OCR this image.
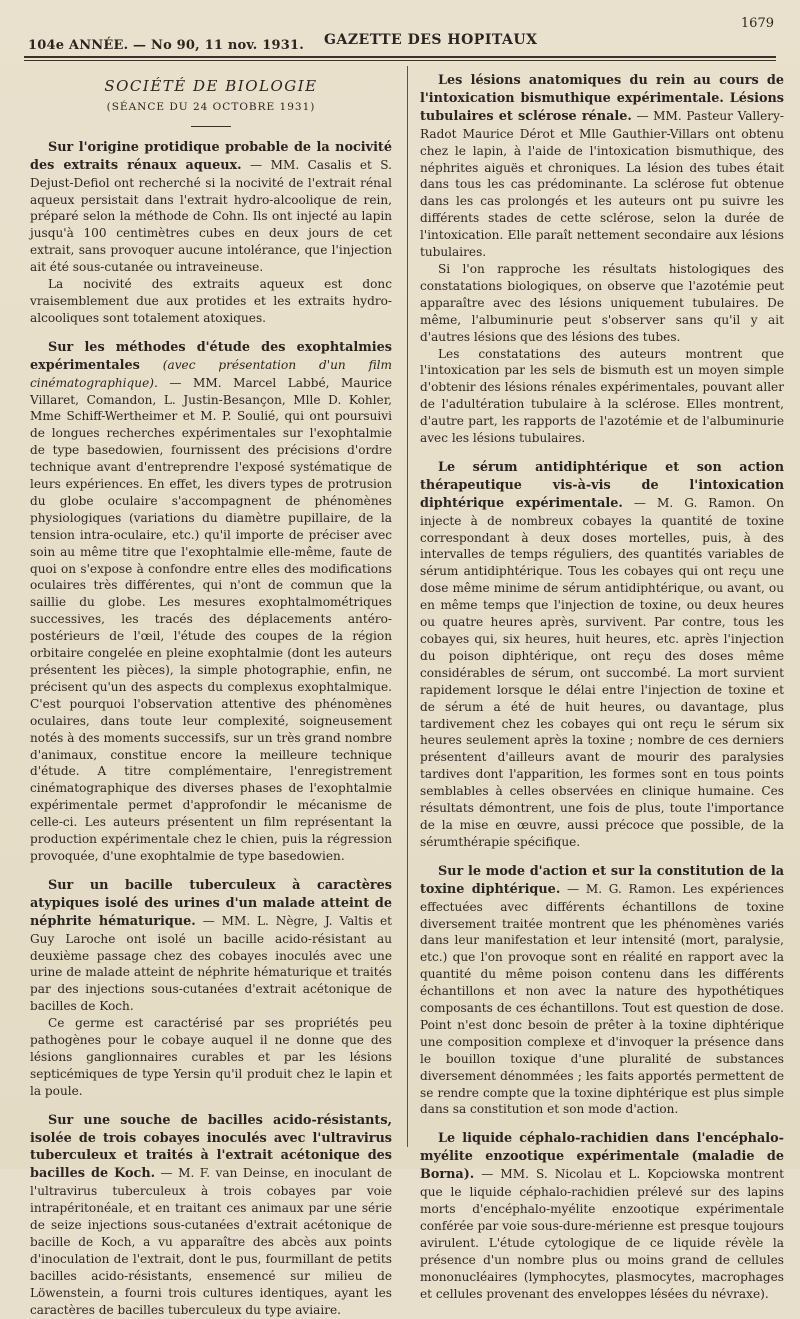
104e ANNÉE. — No 90, 11 nov. 1931. GAZETTE DES HOPITAUX
1679
SOCIÉTÉ DE BIOLOGIE
(SÉANCE DU 24 OCTOBRE 1931)

Sur l'origine protidique probable de la nocivité des extraits rénaux aqueux. — MM. Casalis et S. Dejust-Defiol ont recherché si la nocivité de l'extrait rénal aqueux persistait dans l'extrait hydro-alcoolique de rein, préparé selon la méthode de Cohn. Ils ont injecté au lapin jusqu'à 100 centimètres cubes en deux jours de cet extrait, sans provoquer aucune intolérance, que l'injection ait été sous-cutanée ou intraveineuse.

La nocivité des extraits aqueux est donc vraisemblement due aux protides et les extraits hydro-alcooliques sont totalement atoxiques.

Sur les méthodes d'étude des exophtalmies expérimentales (avec présentation d'un film cinématographique). — MM. Marcel Labbé, Maurice Villaret, Comandon, L. Justin-Besançon, Mlle D. Kohler, Mme Schiff-Wertheimer et M. P. Soulié, qui ont poursuivi de longues recherches expérimentales sur l'exophtalmie de type basedowien, fournissent des précisions d'ordre technique avant d'entreprendre l'exposé systématique de leurs expériences. En effet, les divers types de protrusion du globe oculaire s'accompagnent de phénomènes physiologiques (variations du diamètre pupillaire, de la tension intra-oculaire, etc.) qu'il importe de préciser avec soin au même titre que l'exophtalmie elle-même, faute de quoi on s'expose à confondre entre elles des modifications oculaires très différentes, qui n'ont de commun que la saillie du globe. Les mesures exophtalmométriques successives, les tracés des déplacements antéro-postérieurs de l'œil, l'étude des coupes de la région orbitaire congelée en pleine exophtalmie (dont les auteurs présentent les pièces), la simple photographie, enfin, ne précisent qu'un des aspects du complexus exophtalmique. C'est pourquoi l'observation attentive des phénomènes oculaires, dans toute leur complexité, soigneusement notés à des moments successifs, sur un très grand nombre d'animaux, constitue encore la meilleure technique d'étude. A titre complémentaire, l'enregistrement cinématographique des diverses phases de l'exophtalmie expérimentale permet d'approfondir le mécanisme de celle-ci. Les auteurs présentent un film représentant la production expérimentale chez le chien, puis la régression provoquée, d'une exophtalmie de type basedowien.

Sur un bacille tuberculeux à caractères atypiques isolé des urines d'un malade atteint de néphrite hématurique. — MM. L. Nègre, J. Valtis et Guy Laroche ont isolé un bacille acido-résistant au deuxième passage chez des cobayes inoculés avec une urine de malade atteint de néphrite hématurique et traités par des injections sous-cutanées d'extrait acétonique de bacilles de Koch.

Ce germe est caractérisé par ses propriétés peu pathogènes pour le cobaye auquel il ne donne que des lésions ganglionnaires curables et par les lésions septicémiques de type Yersin qu'il produit chez le lapin et la poule.

Sur une souche de bacilles acido-résistants, isolée de trois cobayes inoculés avec l'ultravirus tuberculeux et traités à l'extrait acétonique des bacilles de Koch. — M. F. van Deinse, en inoculant de l'ultravirus tuberculeux à trois cobayes par voie intrapéritonéale, et en traitant ces animaux par une série de seize injections sous-cutanées d'extrait acétonique de bacille de Koch, a vu apparaître des abcès aux points d'inoculation de l'extrait, dont le pus, fourmillant de petits bacilles acido-résistants, ensemencé sur milieu de Löwenstein, a fourni trois cultures identiques, ayant les caractères de bacilles tuberculeux du type aviaire.

Les lésions anatomiques du rein au cours de l'intoxication bismuthique expérimentale. Lésions tubulaires et sclérose rénale. — MM. Pasteur Vallery-Radot Maurice Dérot et Mlle Gauthier-Villars ont obtenu chez le lapin, à l'aide de l'intoxication bismuthique, des néphrites aiguës et chroniques. La lésion des tubes était dans tous les cas prédominante. La sclérose fut obtenue dans les cas prolongés et les auteurs ont pu suivre les différents stades de cette sclérose, selon la durée de l'intoxication. Elle paraît nettement secondaire aux lésions tubulaires.

Si l'on rapproche les résultats histologiques des constatations biologiques, on observe que l'azotémie peut apparaître avec des lésions uniquement tubulaires. De même, l'albuminurie peut s'observer sans qu'il y ait d'autres lésions que des lésions des tubes.

Les constatations des auteurs montrent que l'intoxication par les sels de bismuth est un moyen simple d'obtenir des lésions rénales expérimentales, pouvant aller de l'adultération tubulaire à la sclérose. Elles montrent, d'autre part, les rapports de l'azotémie et de l'albuminurie avec les lésions tubulaires.

Le sérum antidiphtérique et son action thérapeutique vis-à-vis de l'intoxication diphtérique expérimentale. — M. G. Ramon. On injecte à de nombreux cobayes la quantité de toxine correspondant à deux doses mortelles, puis, à des intervalles de temps réguliers, des quantités variables de sérum antidiphtérique. Tous les cobayes qui ont reçu une dose même minime de sérum antidiphtérique, ou avant, ou en même temps que l'injection de toxine, ou deux heures ou quatre heures après, survivent. Par contre, tous les cobayes qui, six heures, huit heures, etc. après l'injection du poison diphtérique, ont reçu des doses même considérables de sérum, ont succombé. La mort survient rapidement lorsque le délai entre l'injection de toxine et de sérum a été de huit heures, ou davantage, plus tardivement chez les cobayes qui ont reçu le sérum six heures seulement après la toxine ; nombre de ces derniers présentent d'ailleurs avant de mourir des paralysies tardives dont l'apparition, les formes sont en tous points semblables à celles observées en clinique humaine. Ces résultats démontrent, une fois de plus, toute l'importance de la mise en œuvre, aussi précoce que possible, de la sérumthérapie spécifique.

Sur le mode d'action et sur la constitution de la toxine diphtérique. — M. G. Ramon. Les expériences effectuées avec différents échantillons de toxine diversement traitée montrent que les phénomènes variés dans leur manifestation et leur intensité (mort, paralysie, etc.) que l'on provoque sont en réalité en rapport avec la quantité du même poison contenu dans les différents échantillons et non avec la nature des hypothétiques composants de ces échantillons. Tout est question de dose. Point n'est donc besoin de prêter à la toxine diphtérique une composition complexe et d'invoquer la présence dans le bouillon toxique d'une pluralité de substances diversement dénommées ; les faits apportés permettent de se rendre compte que la toxine diphtérique est plus simple dans sa constitution et son mode d'action.

Le liquide céphalo-rachidien dans l'encéphalo-myélite enzootique expérimentale (maladie de Borna). — MM. S. Nicolau et L. Kopciowska montrent que le liquide céphalo-rachidien prélevé sur des lapins morts d'encéphalo-myélite enzootique expérimentale conférée par voie sous-dure-mérienne est presque toujours avirulent. L'étude cytologique de ce liquide révèle la présence d'un nombre plus ou moins grand de cellules mononucléaires (lymphocytes, plasmocytes, macrophages et cellules provenant des enveloppes lésées du névraxe).
